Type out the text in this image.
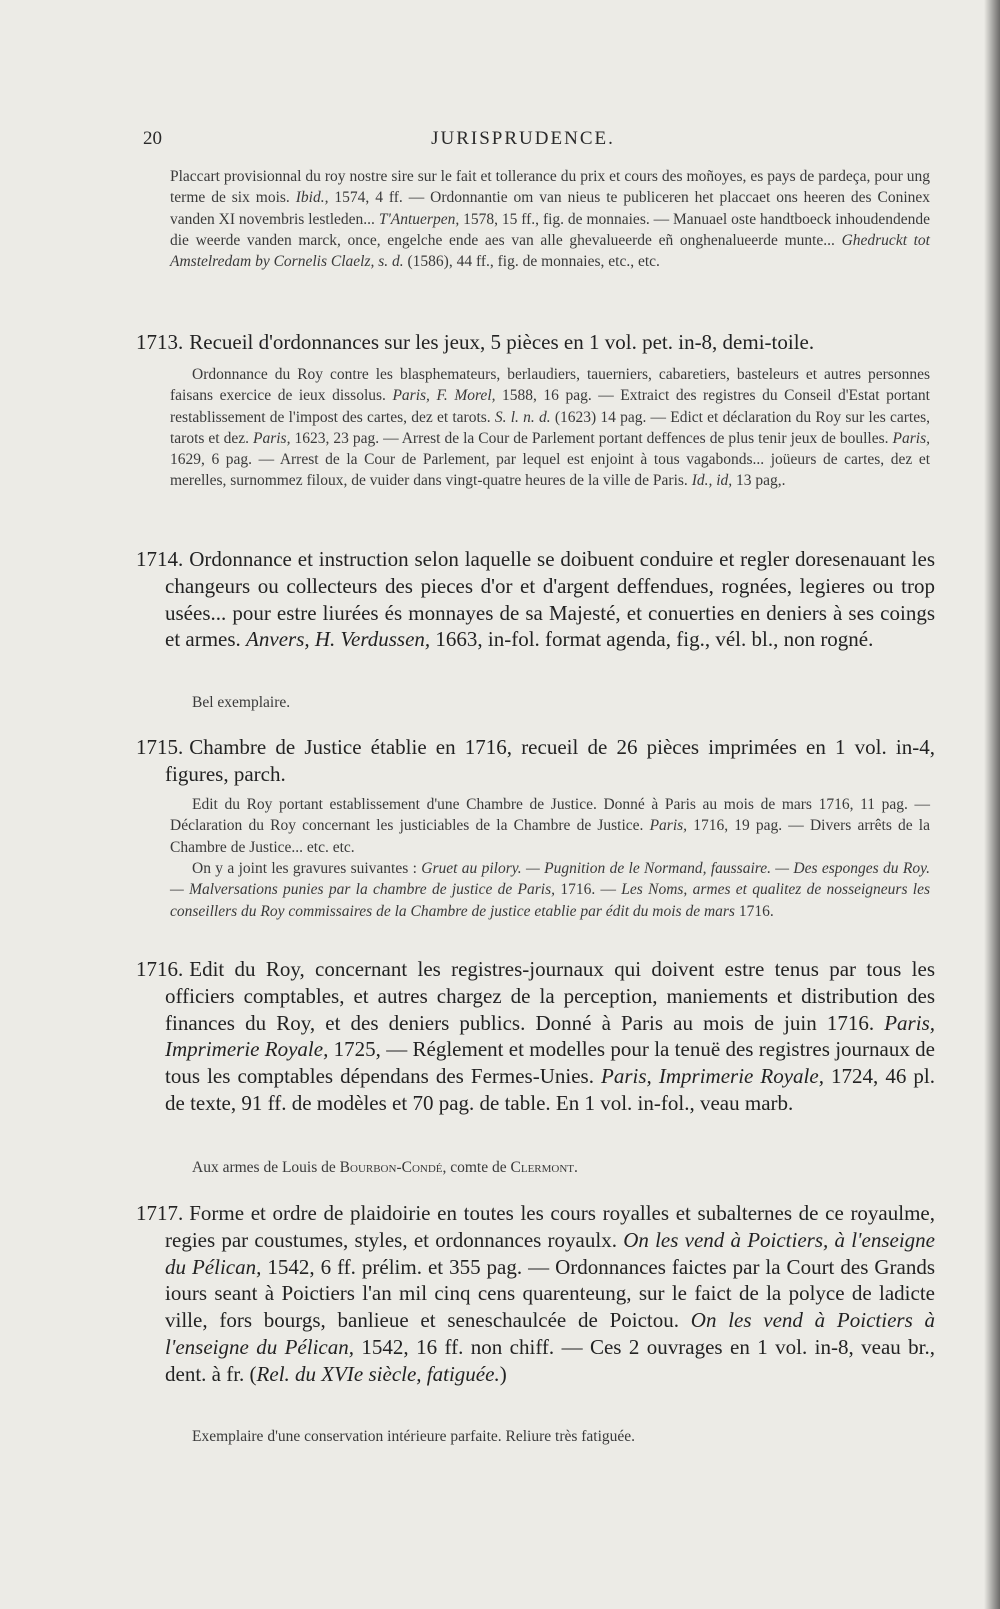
20	JURISPRUDENCE.
Placcart provisionnal du roy nostre sire sur le fait et tollerance du prix et cours des moñoyes, es pays de pardeça, pour ung terme de six mois. Ibid., 1574, 4 ff. — Ordonnantie om van nieus te publiceren het placcaet ons heeren des Coninex vanden XI novembris lestleden... T'Antuerpen, 1578, 15 ff., fig. de monnaies. — Manuael oste handtboeck inhoudendende die weerde vanden marck, once, engelche ende aes van alle ghevalueerde eñ onghenalueerde munte... Ghedruckt tot Amstelredam by Cornelis Claelz, s. d. (1586), 44 ff., fig. de monnaies, etc., etc.
1713. Recueil d'ordonnances sur les jeux, 5 pièces en 1 vol. pet. in-8, demi-toile.
Ordonnance du Roy contre les blasphemateurs, berlaudiers, tauerniers, cabaretiers, basteleurs et autres personnes faisans exercice de ieux dissolus. Paris, F. Morel, 1588, 16 pag. — Extraict des registres du Conseil d'Estat portant restablissement de l'impost des cartes, dez et tarots. S. l. n. d. (1623) 14 pag. — Edict et déclaration du Roy sur les cartes, tarots et dez. Paris, 1623, 23 pag. — Arrest de la Cour de Parlement portant deffences de plus tenir jeux de boulles. Paris, 1629, 6 pag. — Arrest de la Cour de Parlement, par lequel est enjoint à tous vagabonds... joüeurs de cartes, dez et merelles, surnommez filoux, de vuider dans vingt-quatre heures de la ville de Paris. Id., id, 13 pag,.
1714. Ordonnance et instruction selon laquelle se doibuent conduire et regler doresenauant les changeurs ou collecteurs des pieces d'or et d'argent deffendues, rognées, legieres ou trop usées... pour estre liurées és monnayes de sa Majesté, et conuerties en deniers à ses coings et armes. Anvers, H. Verdussen, 1663, in-fol. format agenda, fig., vél. bl., non rogné.
Bel exemplaire.
1715. Chambre de Justice établie en 1716, recueil de 26 pièces imprimées en 1 vol. in-4, figures, parch.
Edit du Roy portant establissement d'une Chambre de Justice. Donné à Paris au mois de mars 1716, 11 pag. — Déclaration du Roy concernant les justiciables de la Chambre de Justice. Paris, 1716, 19 pag. — Divers arrêts de la Chambre de Justice... etc. etc.
On y a joint les gravures suivantes : Gruet au pilory. — Pugnition de le Normand, faussaire. — Des esponges du Roy. — Malversations punies par la chambre de justice de Paris, 1716. — Les Noms, armes et qualitez de nosseigneurs les conseillers du Roy commissaires de la Chambre de justice etablie par édit du mois de mars 1716.
1716. Edit du Roy, concernant les registres-journaux qui doivent estre tenus par tous les officiers comptables, et autres chargez de la perception, maniements et distribution des finances du Roy, et des deniers publics. Donné à Paris au mois de juin 1716. Paris, Imprimerie Royale, 1725, — Réglement et modelles pour la tenuë des registres journaux de tous les comptables dépendans des Fermes-Unies. Paris, Imprimerie Royale, 1724, 46 pl. de texte, 91 ff. de modèles et 70 pag. de table. En 1 vol. in-fol., veau marb.
Aux armes de Louis de Bourbon-Condé, comte de Clermont.
1717. Forme et ordre de plaidoirie en toutes les cours royalles et subalternes de ce royaulme, regies par coustumes, styles, et ordonnances royaulx. On les vend à Poictiers, à l'enseigne du Pélican, 1542, 6 ff. prélim. et 355 pag. — Ordonnances faictes par la Court des Grands iours seant à Poictiers l'an mil cinq cens quarenteung, sur le faict de la polyce de ladicte ville, fors bourgs, banlieue et seneschaulcée de Poictou. On les vend à Poictiers à l'enseigne du Pélican, 1542, 16 ff. non chiff. — Ces 2 ouvrages en 1 vol. in-8, veau br., dent. à fr. (Rel. du XVIe siècle, fatiguée.)
Exemplaire d'une conservation intérieure parfaite. Reliure très fatiguée.
